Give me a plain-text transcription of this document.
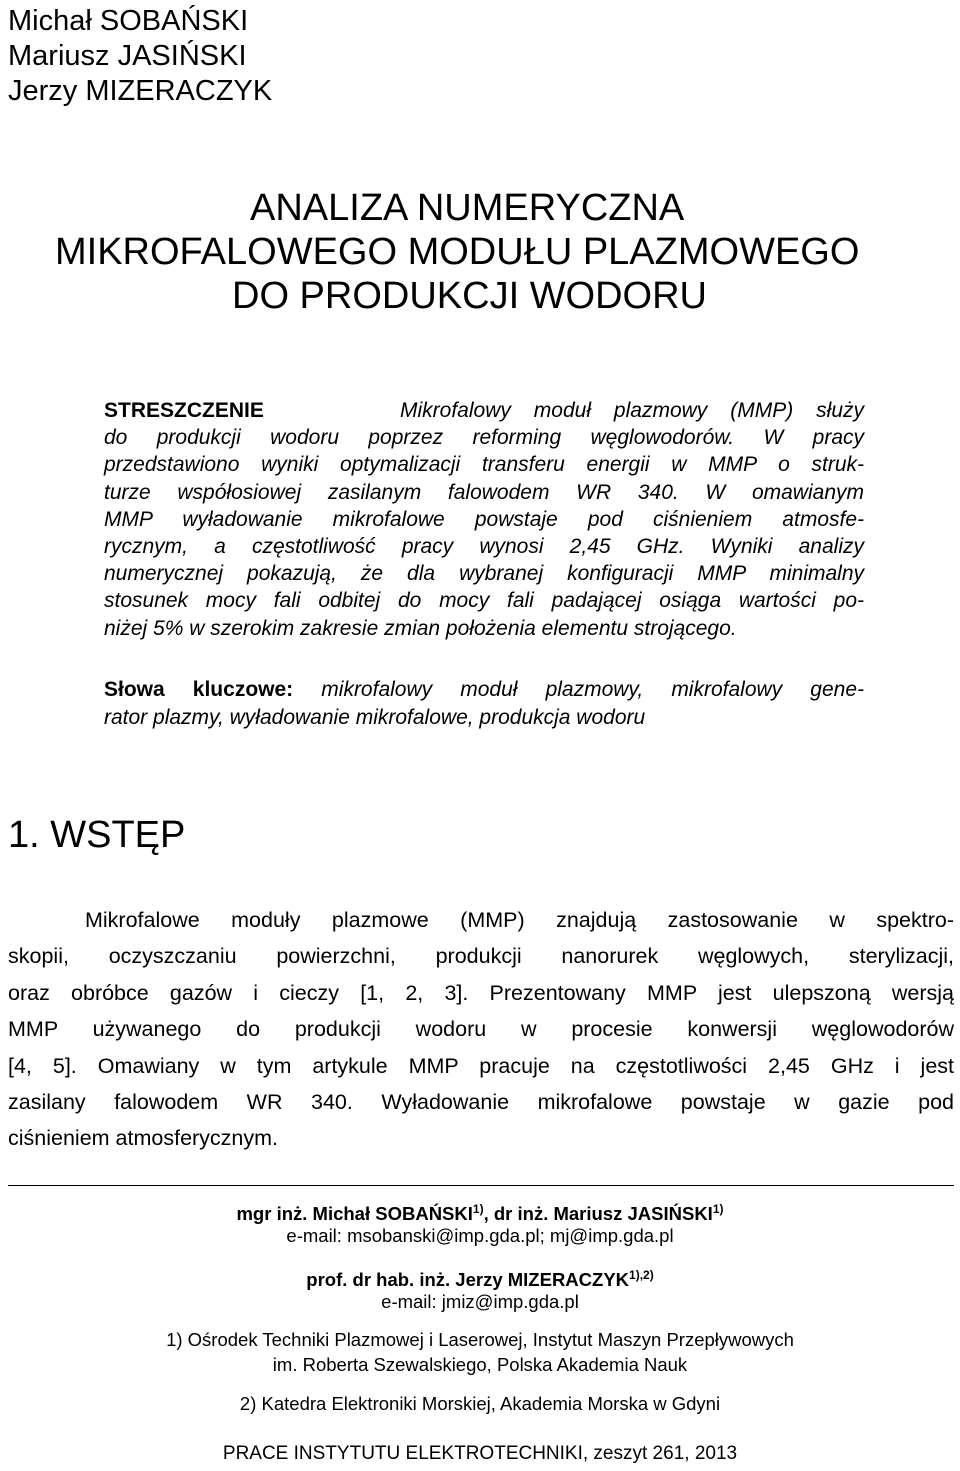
Michał SOBAŃSKI
Mariusz JASIŃSKI
Jerzy MIZERACZYK
ANALIZA NUMERYCZNA
MIKROFALOWEGO MODUŁU PLAZMOWEGO
DO PRODUKCJI WODORU
STRESZCZENIE	Mikrofalowy moduł plazmowy (MMP) służy
do produkcji wodoru poprzez reforming węglowodorów. W pracy
przedstawiono wyniki optymalizacji transferu energii w MMP o struk-
turze współosiowej zasilanym falowodem WR 340. W omawianym
MMP wyładowanie mikrofalowe powstaje pod ciśnieniem atmosfe-
rycznym, a częstotliwość pracy wynosi 2,45 GHz. Wyniki analizy
numerycznej pokazują, że dla wybranej konfiguracji MMP minimalny
stosunek mocy fali odbitej do mocy fali padającej osiąga wartości po-
niżej 5% w szerokim zakresie zmian położenia elementu strojącego.
Słowa kluczowe: mikrofalowy moduł plazmowy, mikrofalowy gene-
rator plazmy, wyładowanie mikrofalowe, produkcja wodoru
1. WSTĘP
Mikrofalowe moduły plazmowe (MMP) znajdują zastosowanie w spektro-
skopii, oczyszczaniu powierzchni, produkcji nanorurek węglowych, sterylizacji,
oraz obróbce gazów i cieczy [1, 2, 3]. Prezentowany MMP jest ulepszoną wersją
MMP używanego do produkcji wodoru w procesie konwersji węglowodorów
[4, 5]. Omawiany w tym artykule MMP pracuje na częstotliwości 2,45 GHz i jest
zasilany falowodem WR 340. Wyładowanie mikrofalowe powstaje w gazie pod
ciśnieniem atmosferycznym.
mgr inż. Michał SOBAŃSKI$^{1)}$, dr inż. Mariusz JASIŃSKI$^{1)}$
e-mail: msobanski@imp.gda.pl; mj@imp.gda.pl
prof. dr hab. inż. Jerzy $MIZERACZYK^{1),2)}$
e-mail: jmiz@imp.gda.pl
1) Ośrodek Techniki Plazmowej i Laserowej, Instytut Maszyn Przepływowych
im. Roberta Szewalskiego, Polska Akademia Nauk
2) Katedra Elektroniki Morskiej, Akademia Morska w Gdyni
PRACE INSTYTUTU ELEKTROTECHNIKI, zeszyt 261, 2013
